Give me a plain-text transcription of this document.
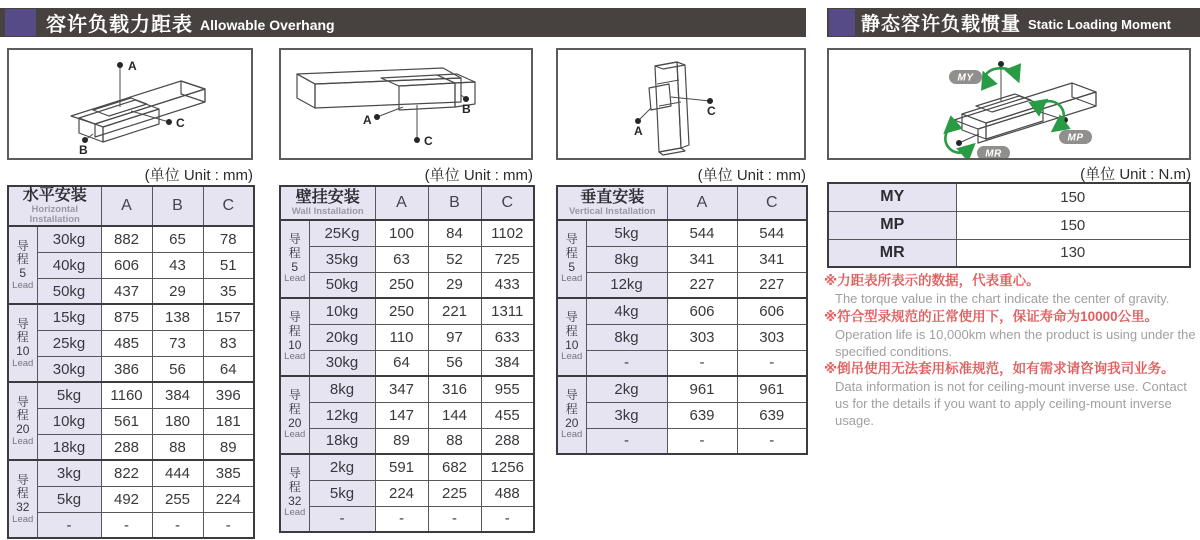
容许负载力距表 Allowable Overhang	静态容许负载惯量 Static Loading Moment
A
B
C	A
C
B
A
C
MY
MP
MR
(单位 Unit : mm)	(单位 Unit : mm)	(单位 Unit : mm)	(单位 Unit : N.m)
水平安装
Horizontal Installation		A	B	C

导
程
5
Lead	30kg	882	65	78
	40kg	606	43	51
	50kg	437	29	35

导
程
10
Lead	15kg	875	138	157
	25kg	485	73	83
	30kg	386	56	64

导
程
20
Lead	5kg	1160	384	396
	10kg	561	180	181
	18kg	288	88	89

导
程
32
Lead	3kg	822	444	385
	5kg	492	255	224
	-	-	-	-
壁挂安装
Wall Installation		A	B	C

导
程
5
Lead	25Kg	100	84	1102
	35kg	63	52	725
	50kg	250	29	433

导
程
10
Lead	10kg	250	221	1311
	20kg	110	97	633
	30kg	64	56	384

导
程
20
Lead	8kg	347	316	955
	12kg	147	144	455
	18kg	89	88	288

导
程
32
Lead	2kg	591	682	1256
	5kg	224	225	488
	-	-	-	-
垂直安装
Vertical Installation		A	C

导
程
5
Lead	5kg	544	544
	8kg	341	341
	12kg	227	227

导
程
10
Lead	4kg	606	606
	8kg	303	303
	-	-	-

导
程
20
Lead	2kg	961	961
	3kg	639	639
	-	-	-
MY	150
MP	150
MR	130
※力距表所表示的数据，代表重心。
The torque value in the chart indicate the center of gravity.
※符合型录规范的正常使用下，保证寿命为10000公里。
Operation life is 10,000km when the product is using under the specified conditions.
※倒吊使用无法套用标准规范，如有需求请咨询我司业务。
Data information is not for ceiling-mount inverse use. Contact us for the details if you want to apply ceiling-mount inverse usage.
